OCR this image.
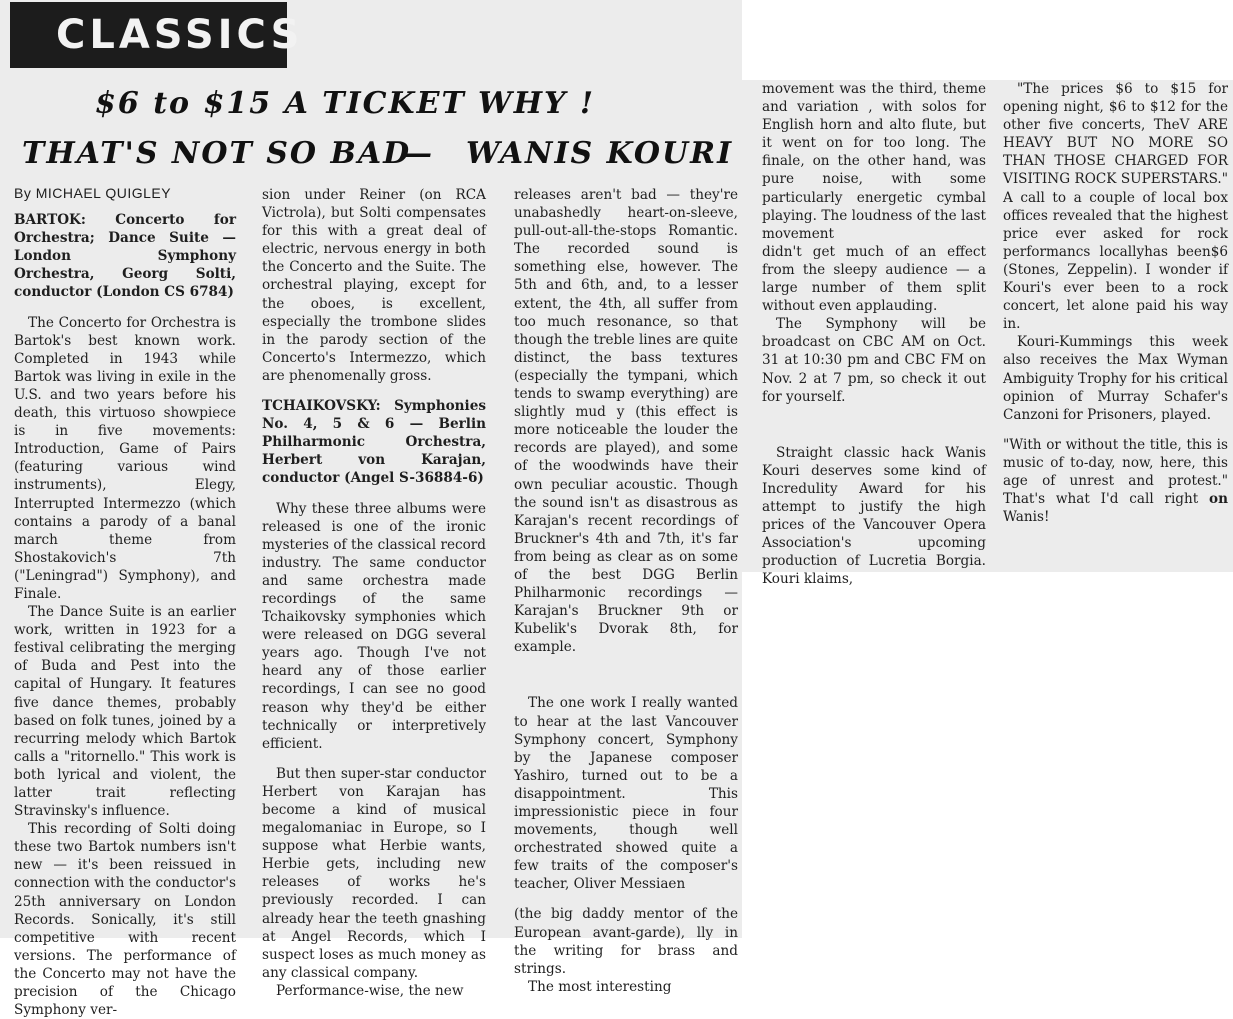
CLASSICS
$6 to $15 A TICKET WHY !
THAT'S NOT SO BAD
— WANIS KOURI

By MICHAEL QUIGLEY

BARTOK: Concerto for Orchestra; Dance Suite — London Symphony Orchestra, Georg Solti, conductor (London CS 6784)

The Concerto for Orchestra is Bartok's best known work. Completed in 1943 while Bartok was living in exile in the U.S. and two years before his death, this virtuoso showpiece is in five movements: Introduction, Game of Pairs (featuring various wind instruments), Elegy, Interrupted Intermezzo (which contains a parody of a banal march theme from Shostakovich's 7th ("Leningrad") Symphony), and Finale.

The Dance Suite is an earlier work, written in 1923 for a festival celibrating the merging of Buda and Pest into the capital of Hungary. It features five dance themes, probably based on folk tunes, joined by a recurring melody which Bartok calls a "ritornello." This work is both lyrical and violent, the latter trait reflecting Stravinsky's influence.

This recording of Solti doing these two Bartok numbers isn't new — it's been reissued in connection with the conductor's 25th anniversary on London Records. Sonically, it's still competitive with recent versions. The performance of the Concerto may not have the precision of the Chicago Symphony ver-

sion under Reiner (on RCA Victrola), but Solti compensates for this with a great deal of electric, nervous energy in both the Concerto and the Suite. The orchestral playing, except for the oboes, is excellent, especially the trombone slides in the parody section of the Concerto's Intermezzo, which are phenomenally gross.

TCHAIKOVSKY: Symphonies No. 4, 5 & 6 — Berlin Philharmonic Orchestra, Herbert von Karajan, conductor (Angel S-36884-6)

Why these three albums were released is one of the ironic mysteries of the classical record industry. The same conductor and same orchestra made recordings of the same Tchaikovsky symphonies which were released on DGG several years ago. Though I've not heard any of those earlier recordings, I can see no good reason why they'd be either technically or interpretively efficient.

But then super-star conductor Herbert von Karajan has become a kind of musical megalomaniac in Europe, so I suppose what Herbie wants, Herbie gets, including new releases of works he's previously recorded. I can already hear the teeth gnashing at Angel Records, which I suspect loses as much money as any classical company.

Performance-wise, the new

releases aren't bad — they're unabashedly heart-on-sleeve, pull-out-all-the-stops Romantic. The recorded sound is something else, however. The 5th and 6th, and, to a lesser extent, the 4th, all suffer from too much resonance, so that though the treble lines are quite distinct, the bass textures (especially the tympani, which tends to swamp everything) are slightly mud y (this effect is more noticeable the louder the records are played), and some of the woodwinds have their own peculiar acoustic. Though the sound isn't as disastrous as Karajan's recent recordings of Bruckner's 4th and 7th, it's far from being as clear as on some of the best DGG Berlin Philharmonic recordings — Karajan's Bruckner 9th or Kubelik's Dvorak 8th, for example.

The one work I really wanted to hear at the last Vancouver Symphony concert, Symphony by the Japanese composer Yashiro, turned out to be a disappointment. This impressionistic piece in four movements, though well orchestrated showed quite a few traits of the composer's teacher, Oliver Messiaen

(the big daddy mentor of the European avant-garde), lly in the writing for brass and strings.

The most interesting

movement was the third, theme and variation , with solos for English horn and alto flute, but it went on for too long. The finale, on the other hand, was pure noise, with some particularly energetic cymbal playing. The loudness of the last movement

didn't get much of an effect from the sleepy audience — a large number of them split without even applauding.

The Symphony will be broadcast on CBC AM on Oct. 31 at 10:30 pm and CBC FM on Nov. 2 at 7 pm, so check it out for yourself.

Straight classic hack Wanis Kouri deserves some kind of Incredulity Award for his attempt to justify the high prices of the Vancouver Opera Association's upcoming production of Lucretia Borgia. Kouri klaims,

"The prices $6 to $15 for opening night, $6 to $12 for the other five concerts, TheV ARE HEAVY BUT NO MORE SO THAN THOSE CHARGED FOR VISITING ROCK SUPERSTARS." A call to a couple of local box offices revealed that the highest price ever asked for rock performancs locallyhas been$6 (Stones, Zeppelin). I wonder if Kouri's ever been to a rock concert, let alone paid his way in.

Kouri-Kummings this week also receives the Max Wyman Ambiguity Trophy for his critical opinion of Murray Schafer's Canzoni for Prisoners, played.

"With or without the title, this is music of to-day, now, here, this age of unrest and protest." That's what I'd call right on Wanis!
